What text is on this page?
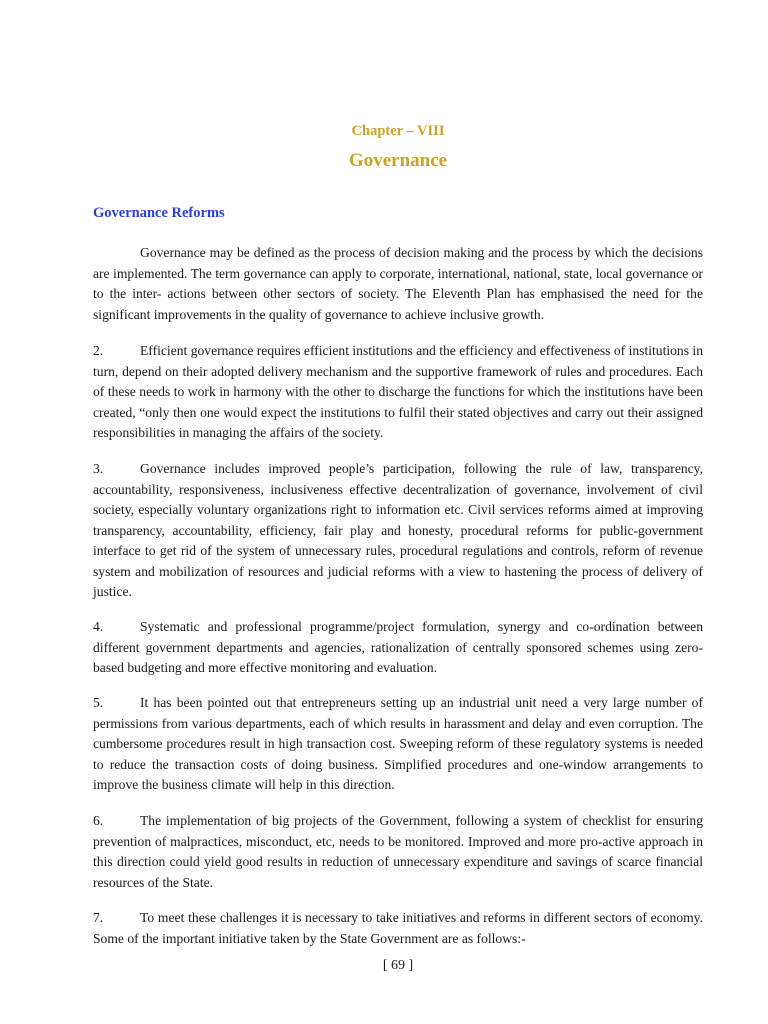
Chapter – VIII
Governance
Governance Reforms

Governance may be defined as the process of decision making and the process by which the decisions are implemented. The term governance can apply to corporate, international, national, state, local governance or to the inter- actions between other sectors of society. The Eleventh Plan has emphasised the need for the significant improvements in the quality of governance to achieve inclusive growth.

2.	Efficient governance requires efficient institutions and the efficiency and effectiveness of institutions in turn, depend on their adopted delivery mechanism and the supportive framework of rules and procedures. Each of these needs to work in harmony with the other to discharge the functions for which the institutions have been created, “only then one would expect the institutions to fulfil their stated objectives and carry out their assigned responsibilities in managing the affairs of the society.

3.	Governance includes improved people’s participation, following the rule of law, transparency, accountability, responsiveness, inclusiveness effective decentralization of governance, involvement of civil society, especially voluntary organizations right to information etc. Civil services reforms aimed at improving transparency, accountability, efficiency, fair play and honesty, procedural reforms for public-government interface to get rid of the system of unnecessary rules, procedural regulations and controls, reform of revenue system and mobilization of resources and judicial reforms with a view to hastening the process of delivery of justice.

4.	Systematic and professional programme/project formulation, synergy and co-ordination between different government departments and agencies, rationalization of centrally sponsored schemes using zero-based budgeting and more effective monitoring and evaluation.

5.	It has been pointed out that entrepreneurs setting up an industrial unit need a very large number of permissions from various departments, each of which results in harassment and delay and even corruption. The cumbersome procedures result in high transaction cost. Sweeping reform of these regulatory systems is needed to reduce the transaction costs of doing business. Simplified procedures and one-window arrangements to improve the business climate will help in this direction.

6.	The implementation of big projects of the Government, following a system of checklist for ensuring prevention of malpractices, misconduct, etc, needs to be monitored. Improved and more pro-active approach in this direction could yield good results in reduction of unnecessary expenditure and savings of scarce financial resources of the State.

7.	To meet these challenges it is necessary to take initiatives and reforms in different sectors of economy. Some of the important initiative taken by the State Government are as follows:-

[ 69 ]
